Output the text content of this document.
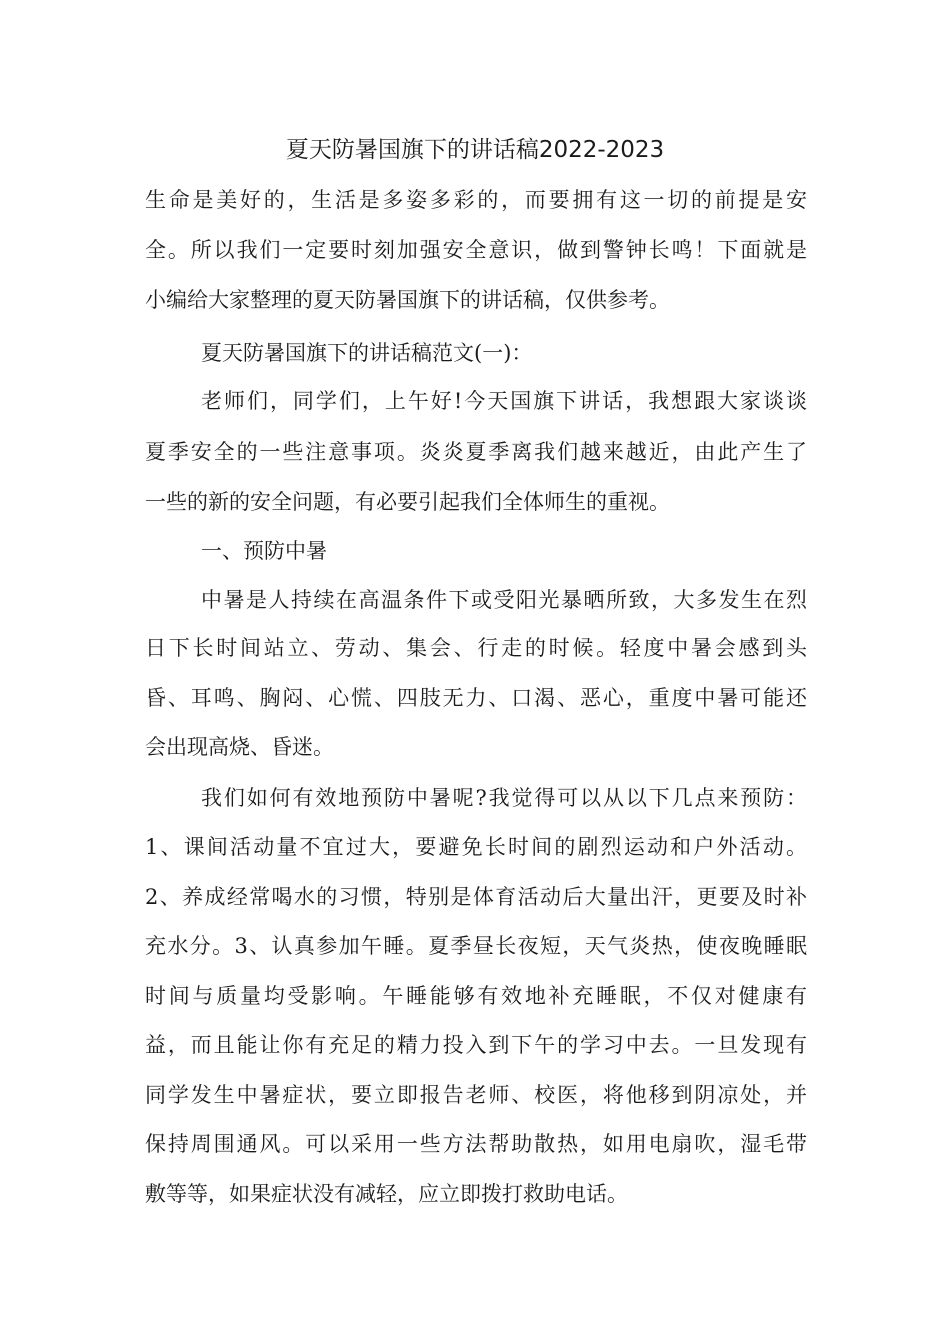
夏天防暑国旗下的讲话稿2022-2023
生命是美好的，生活是多姿多彩的，而要拥有这一切的前提是安
全。所以我们一定要时刻加强安全意识，做到警钟长鸣！下面就是
小编给大家整理的夏天防暑国旗下的讲话稿，仅供参考。
夏天防暑国旗下的讲话稿范文(一)：
老师们，同学们，上午好!今天国旗下讲话，我想跟大家谈谈
夏季安全的一些注意事项。炎炎夏季离我们越来越近，由此产生了
一些的新的安全问题，有必要引起我们全体师生的重视。
一、预防中暑
中暑是人持续在高温条件下或受阳光暴晒所致，大多发生在烈
日下长时间站立、劳动、集会、行走的时候。轻度中暑会感到头
昏、耳鸣、胸闷、心慌、四肢无力、口渴、恶心，重度中暑可能还
会出现高烧、昏迷。
我们如何有效地预防中暑呢?我觉得可以从以下几点来预防：
1、课间活动量不宜过大，要避免长时间的剧烈运动和户外活动。
2、养成经常喝水的习惯，特别是体育活动后大量出汗，更要及时补
充水分。3、认真参加午睡。夏季昼长夜短，天气炎热，使夜晚睡眠
时间与质量均受影响。午睡能够有效地补充睡眠，不仅对健康有
益，而且能让你有充足的精力投入到下午的学习中去。一旦发现有
同学发生中暑症状，要立即报告老师、校医，将他移到阴凉处，并
保持周围通风。可以采用一些方法帮助散热，如用电扇吹，湿毛带
敷等等，如果症状没有减轻，应立即拨打救助电话。
